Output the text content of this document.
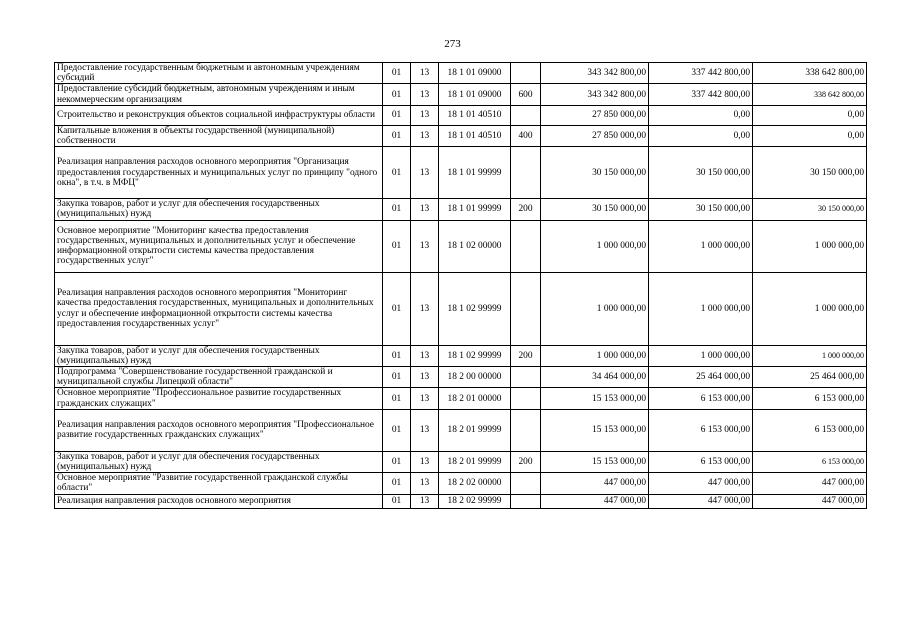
273
Предоставление государственным бюджетным и автономным учреждениям субсидий	01	13	18 1 01 09000		343 342 800,00	337 442 800,00	338 642 800,00
Предоставление субсидий бюджетным, автономным учреждениям и иным некоммерческим организациям	01	13	18 1 01 09000	600	343 342 800,00	337 442 800,00	338 642 800,00
Строительство и реконструкция объектов социальной инфраструктуры области	01	13	18 1 01 40510		27 850 000,00	0,00	0,00
Капитальные вложения в объекты государственной (муниципальной) собственности	01	13	18 1 01 40510	400	27 850 000,00	0,00	0,00
Реализация направления расходов основного мероприятия "Организация предоставления государственных и муниципальных услуг по принципу "одного окна", в т.ч. в МФЦ"	01	13	18 1 01 99999		30 150 000,00	30 150 000,00	30 150 000,00
Закупка товаров, работ и услуг для обеспечения государственных (муниципальных) нужд	01	13	18 1 01 99999	200	30 150 000,00	30 150 000,00	30 150 000,00
Основное мероприятие "Мониторинг качества предоставления государственных, муниципальных и дополнительных услуг и обеспечение информационной открытости системы качества предоставления государственных услуг"	01	13	18 1 02 00000		1 000 000,00	1 000 000,00	1 000 000,00
Реализация направления расходов основного мероприятия "Мониторинг качества предоставления государственных, муниципальных и дополнительных услуг и обеспечение информационной открытости системы качества предоставления государственных услуг"	01	13	18 1 02 99999		1 000 000,00	1 000 000,00	1 000 000,00
Закупка товаров, работ и услуг для обеспечения государственных (муниципальных) нужд	01	13	18 1 02 99999	200	1 000 000,00	1 000 000,00	1 000 000,00
Подпрограмма "Совершенствование государственной гражданской и муниципальной службы Липецкой области"	01	13	18 2 00 00000		34 464 000,00	25 464 000,00	25 464 000,00
Основное мероприятие "Профессиональное развитие государственных гражданских служащих"	01	13	18 2 01 00000		15 153 000,00	6 153 000,00	6 153 000,00
Реализация направления расходов основного мероприятия "Профессиональное развитие государственных гражданских служащих"	01	13	18 2 01 99999		15 153 000,00	6 153 000,00	6 153 000,00
Закупка товаров, работ и услуг для обеспечения государственных (муниципальных) нужд	01	13	18 2 01 99999	200	15 153 000,00	6 153 000,00	6 153 000,00
Основное мероприятие "Развитие государственной гражданской службы области"	01	13	18 2 02 00000		447 000,00	447 000,00	447 000,00
Реализация направления расходов основного мероприятия	01	13	18 2 02 99999		447 000,00	447 000,00	447 000,00
